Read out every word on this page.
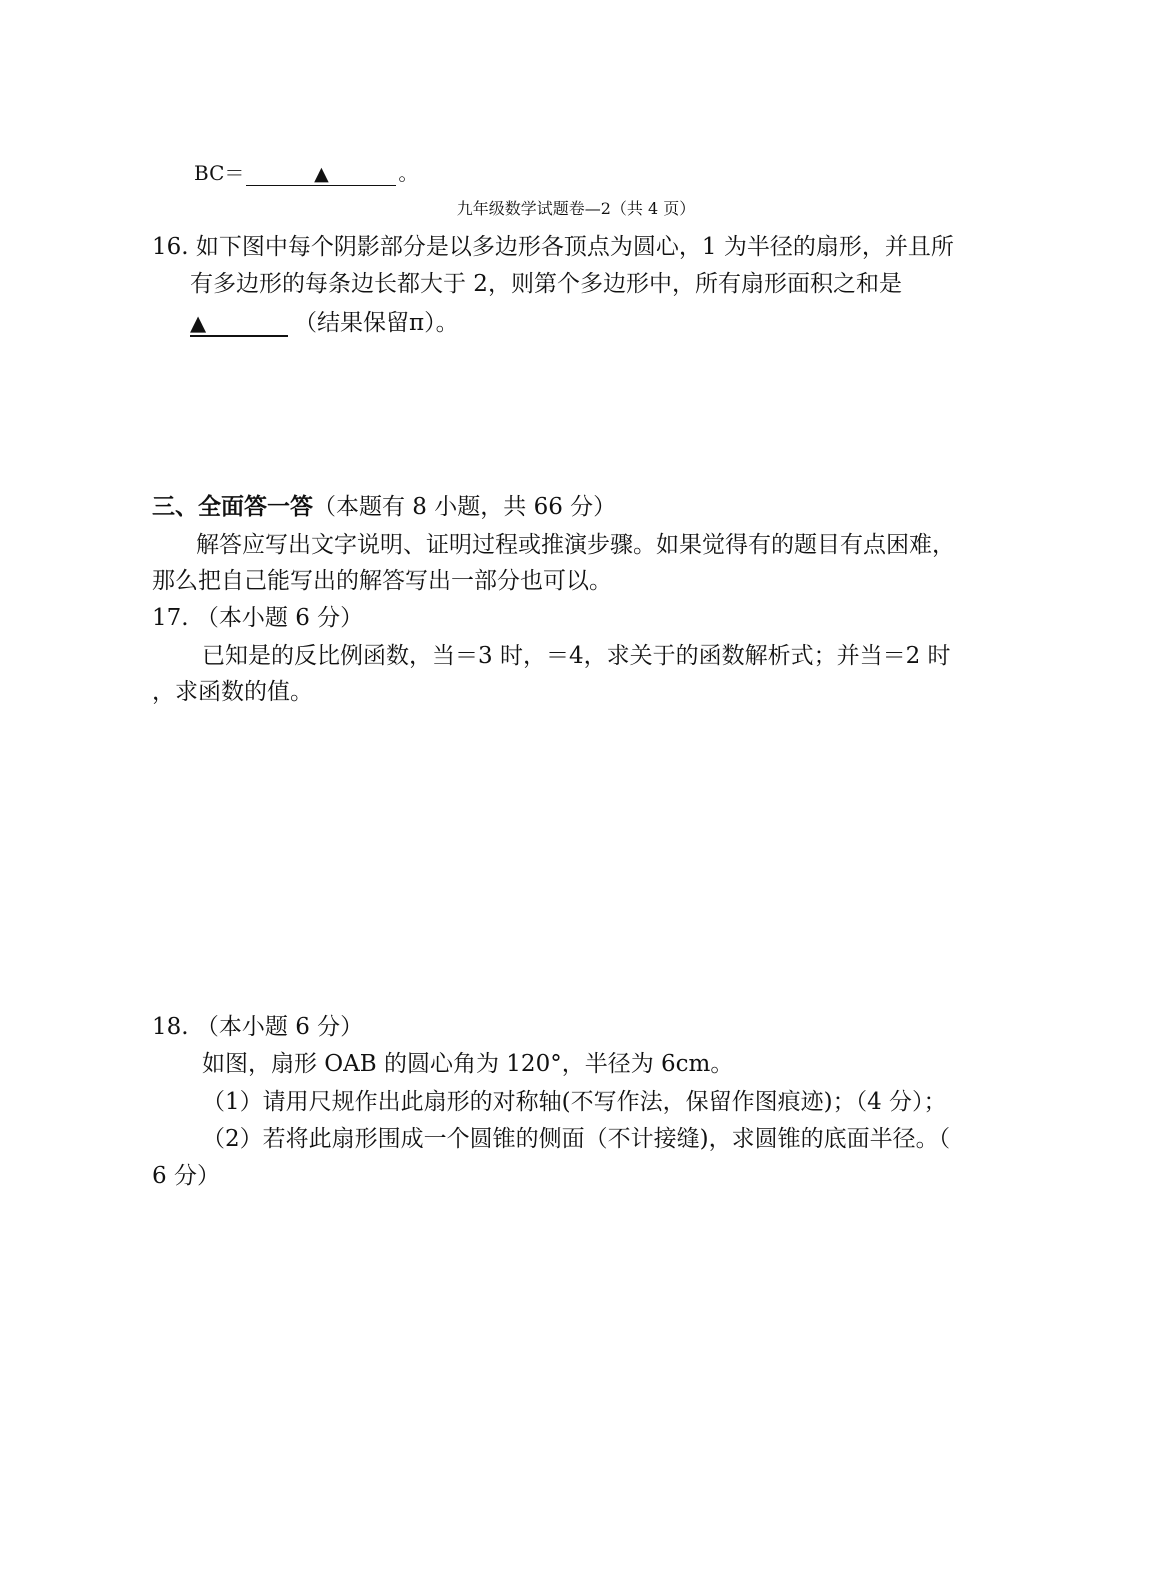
BC＝	▲	。
九年级数学试题卷—2（共 4 页）
16. 如下图中每个阴影部分是以多边形各顶点为圆心，1 为半径的扇形，并且所
有多边形的每条边长都大于 2，则第个多边形中，所有扇形面积之和是
▲	（结果保留π）。
三、全面答一答（本题有 8 小题，共 66 分）
解答应写出文字说明、证明过程或推演步骤。如果觉得有的题目有点困难，
那么把自己能写出的解答写出一部分也可以。
17. （本小题 6 分）
已知是的反比例函数，当＝3 时，＝4，求关于的函数解析式；并当＝2 时
，求函数的值。
18. （本小题 6 分）
如图，扇形 OAB 的圆心角为 120°，半径为 6cm。
（1）请用尺规作出此扇形的对称轴(不写作法，保留作图痕迹)；（4 分）；
（2）若将此扇形围成一个圆锥的侧面（不计接缝)，求圆锥的底面半径。（
6 分）
